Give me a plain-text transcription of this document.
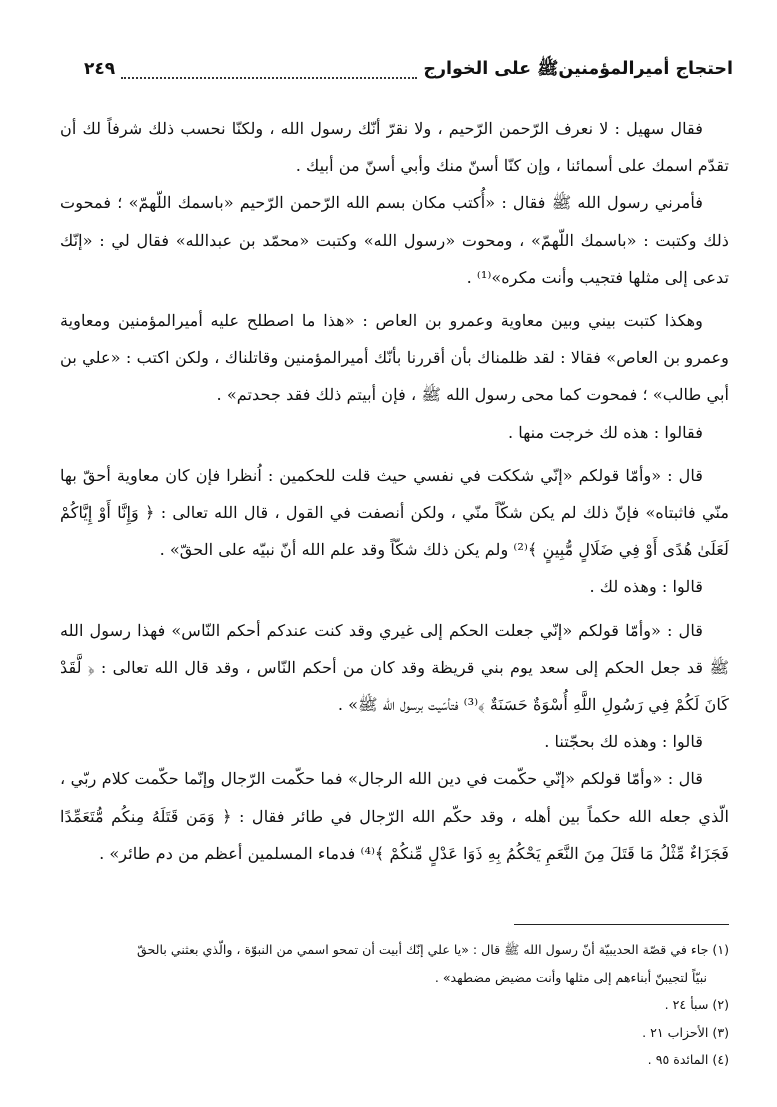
احتجاج أميرالمؤمنينﷺ على الخوارج
٢٤٩

فقال سهيل : لا نعرف الرّحمن الرّحيم ، ولا نقرّ أنّك رسول الله ، ولكنّا نحسب ذلك شرفاً لك أن تقدّم اسمك على أسمائنا ، وإن كنّا أسنّ منك وأبي أسنّ من أبيك .

فأمرني رسول الله ﷺ فقال : «أُكتب مكان بسم الله الرّحمن الرّحيم «باسمك اللّهمّ» ؛ فمحوت ذلك وكتبت : «باسمك اللّهمّ» ، ومحوت «رسول الله» وكتبت «محمّد بن عبدالله» فقال لي : «إنّك تدعى إلى مثلها فتجيب وأنت مكره»⁽¹⁾ .

وهكذا كتبت بيني وبين معاوية وعمرو بن العاص : «هذا ما اصطلح عليه أميرالمؤمنين ومعاوية وعمرو بن العاص» فقالا : لقد ظلمناك بأن أقررنا بأنّك أميرالمؤمنين وقاتلناك ، ولكن اكتب : «علي بن أبي طالب» ؛ فمحوت كما محى رسول الله ﷺ ، فإن أبيتم ذلك فقد جحدتم» .

فقالوا : هذه لك خرجت منها .

قال : «وأمّا قولكم «إنّي شككت في نفسي حيث قلت للحكمين : اُنظرا فإن كان معاوية أحقّ بها منّي فاثبتاه» فإنّ ذلك لم يكن شكّاً منّي ، ولكن أنصفت في القول ، قال الله تعالى : ﴿ وَإِنَّا أَوْ إِيَّاكُمْ لَعَلَىٰ هُدًى أَوْ فِي ضَلَالٍ مُّبِينٍ ﴾⁽²⁾ ولم يكن ذلك شكّاً وقد علم الله أنّ نبيّه على الحقّ» .

قالوا : وهذه لك .

قال : «وأمّا قولكم «إنّي جعلت الحكم إلى غيري وقد كنت عندكم أحكم النّاس» فهذا رسول الله ﷺ قد جعل الحكم إلى سعد يوم بني قريظة وقد كان من أحكم النّاس ، وقد قال الله تعالى : ﴿ لَّقَدْ كَانَ لَكُمْ فِي رَسُولِ اللَّهِ أُسْوَةٌ حَسَنَةٌ ﴾⁽³⁾ فتأسّيت برسول الله ﷺ» .

قالوا : وهذه لك بحجّتنا .

قال : «وأمّا قولكم «إنّي حكّمت في دين الله الرجال» فما حكّمت الرّجال وإنّما حكّمت كلام ربّي ، الّذي جعله الله حكماً بين أهله ، وقد حكّم الله الرّجال في طائر فقال : ﴿ وَمَن قَتَلَهُ مِنكُم مُّتَعَمِّدًا فَجَزَاءٌ مِّثْلُ مَا قَتَلَ مِنَ النَّعَمِ يَحْكُمُ بِهِ ذَوَا عَدْلٍ مِّنكُمْ ﴾⁽⁴⁾ فدماء المسلمين أعظم من دم طائر» .

(١) جاء في قصّة الحديبيّة أنّ رسول الله ﷺ قال : «يا علي إنّك أبيت أن تمحو اسمي من النبوّة ، والّذي بعثني بالحقّ

نبيّاً لتجيبنّ أبناءهم إلى مثلها وأنت مضيض مضطهد» .

(٢) سبأ ٢٤ .

(٣) الأحزاب ٢١ .

(٤) المائدة ٩٥ .
